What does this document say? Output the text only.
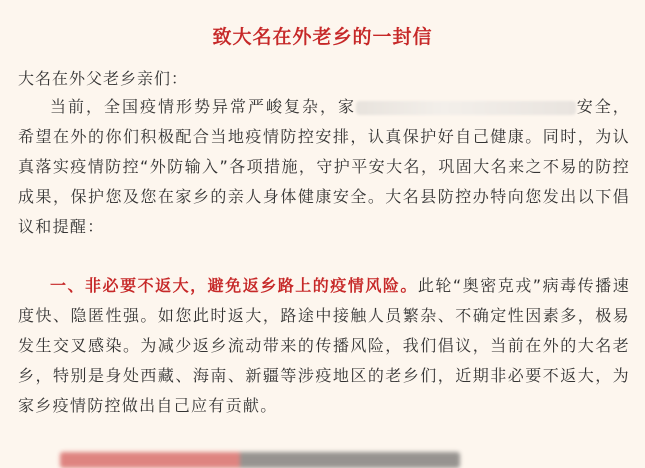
致大名在外老乡的一封信
大名在外父老乡亲们：

当前，全国疫情形势异常严峻复杂，家	安全，希望在外的你们积极配合当地疫情防控安排，认真保护好自己健康。同时，为认真落实疫情防控“外防输入”各项措施，守护平安大名，巩固大名来之不易的防控成果，保护您及您在家乡的亲人身体健康安全。大名县防控办特向您发出以下倡议和提醒：

一、非必要不返大，避免返乡路上的疫情风险。此轮“奥密克戎”病毒传播速度快、隐匿性强。如您此时返大，路途中接触人员繁杂、不确定性因素多，极易发生交叉感染。为减少返乡流动带来的传播风险，我们倡议，当前在外的大名老乡，特别是身处西藏、海南、新疆等涉疫地区的老乡们，近期非必要不返大，为家乡疫情防控做出自己应有贡献。
